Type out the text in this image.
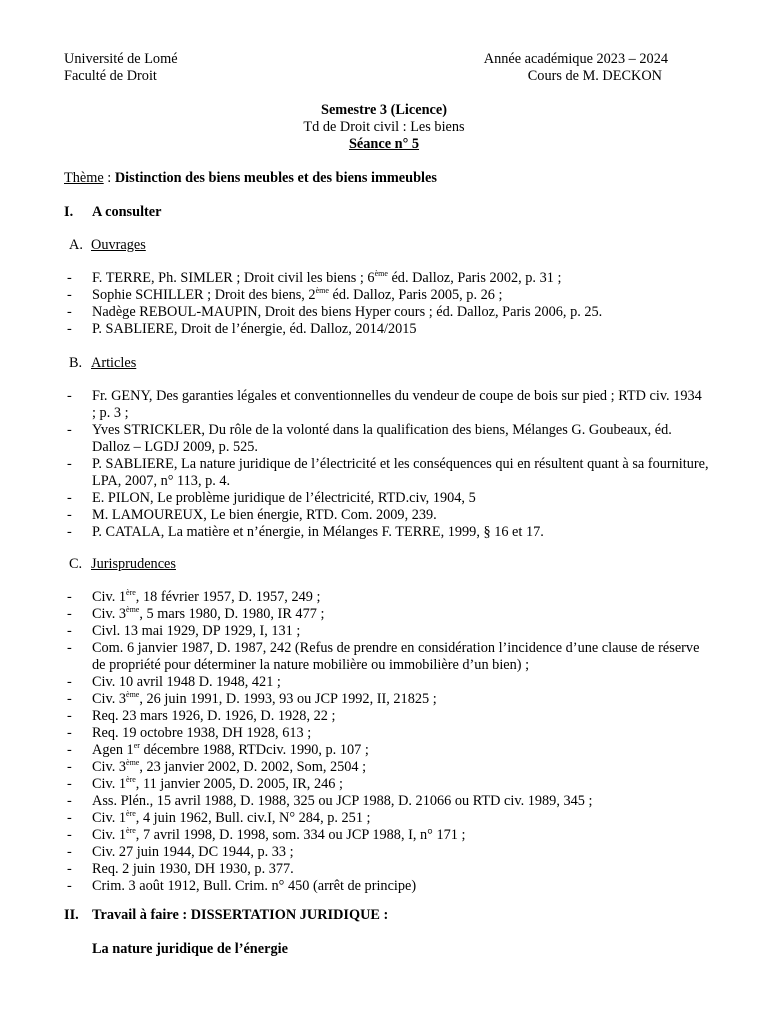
Université de Lomé
Faculté de Droit
Année académique 2023 – 2024
Cours de M. DECKON
Semestre 3 (Licence)
Td de Droit civil : Les biens
Séance n° 5
Thème : Distinction des biens meubles et des biens immeubles
I. A consulter
A. Ouvrages
- F. TERRE, Ph. SIMLER ; Droit civil les biens ; 6ème éd. Dalloz, Paris 2002, p. 31 ;
- Sophie SCHILLER ; Droit des biens, 2ème éd. Dalloz, Paris 2005, p. 26 ;
- Nadège REBOUL-MAUPIN, Droit des biens Hyper cours ; éd. Dalloz, Paris 2006, p. 25.
- P. SABLIERE, Droit de l’énergie, éd. Dalloz, 2014/2015
B. Articles
- Fr. GENY, Des garanties légales et conventionnelles du vendeur de coupe de bois sur pied ; RTD civ. 1934 ; p. 3 ;
- Yves STRICKLER, Du rôle de la volonté dans la qualification des biens, Mélanges G. Goubeaux, éd. Dalloz – LGDJ 2009, p. 525.
- P. SABLIERE, La nature juridique de l’électricité et les conséquences qui en résultent quant à sa fourniture, LPA, 2007, n° 113, p. 4.
- E. PILON, Le problème juridique de l’électricité, RTD.civ, 1904, 5
- M. LAMOUREUX, Le bien énergie, RTD. Com. 2009, 239.
- P. CATALA, La matière et n’énergie, in Mélanges F. TERRE, 1999, § 16 et 17.
C. Jurisprudences
- Civ. 1ère, 18 février 1957, D. 1957, 249 ;
- Civ. 3ème, 5 mars 1980, D. 1980, IR 477 ;
- Civl. 13 mai 1929, DP 1929, I, 131 ;
- Com. 6 janvier 1987, D. 1987, 242 (Refus de prendre en considération l’incidence d’une clause de réserve de propriété pour déterminer la nature mobilière ou immobilière d’un bien) ;
- Civ. 10 avril 1948 D. 1948, 421 ;
- Civ. 3ème, 26 juin 1991, D. 1993, 93 ou JCP 1992, II, 21825 ;
- Req. 23 mars 1926, D. 1926, D. 1928, 22 ;
- Req. 19 octobre 1938, DH 1928, 613 ;
- Agen 1er décembre 1988, RTDciv. 1990, p. 107 ;
- Civ. 3ème, 23 janvier 2002, D. 2002, Som, 2504 ;
- Civ. 1ère, 11 janvier 2005, D. 2005, IR, 246 ;
- Ass. Plén., 15 avril 1988, D. 1988, 325 ou JCP 1988, D. 21066 ou RTD civ. 1989, 345 ;
- Civ. 1ère, 4 juin 1962, Bull. civ.I, N° 284, p. 251 ;
- Civ. 1ère, 7 avril 1998, D. 1998, som. 334 ou JCP 1988, I, n° 171 ;
- Civ. 27 juin 1944, DC 1944, p. 33 ;
- Req. 2 juin 1930, DH 1930, p. 377.
- Crim. 3 août 1912, Bull. Crim. n° 450 (arrêt de principe)
II. Travail à faire : DISSERTATION JURIDIQUE :
La nature juridique de l’énergie
